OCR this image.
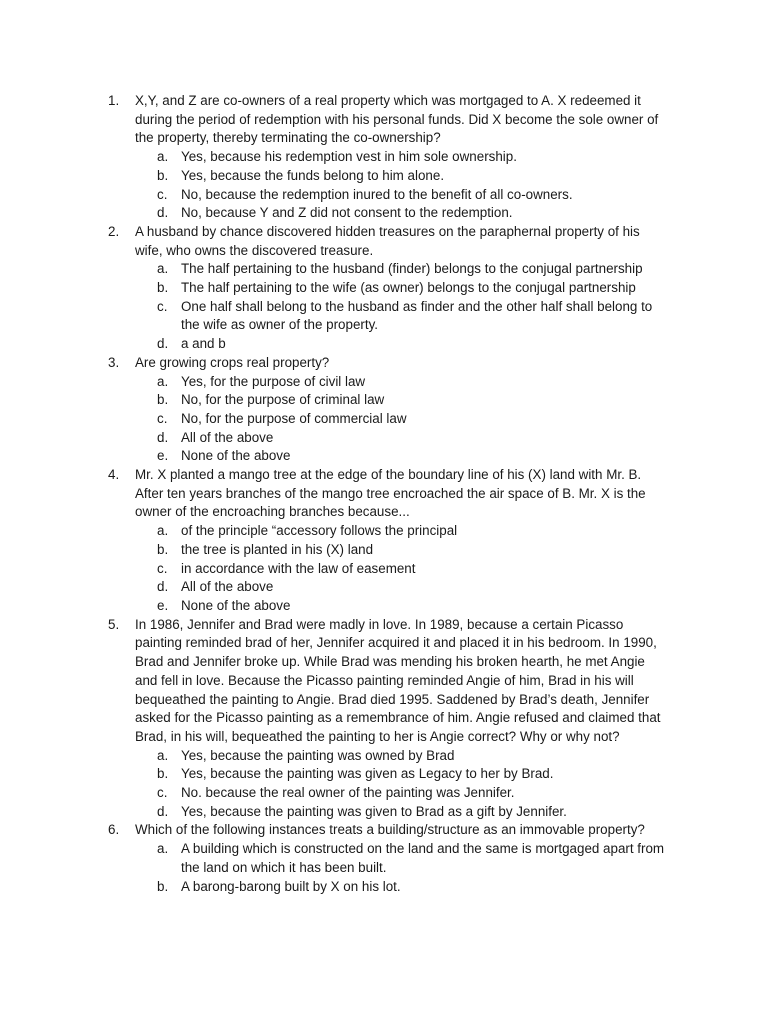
1.	X,Y, and Z are co-owners of a real property which was mortgaged to A. X redeemed it during the period of redemption with his personal funds. Did X become the sole owner of the property, thereby terminating the co-ownership?
a. Yes, because his redemption vest in him sole ownership.
b. Yes, because the funds belong to him alone.
c.	No, because the redemption inured to the benefit of all co-owners.
d. No, because Y and Z did not consent to the redemption.
2.	A husband by chance discovered hidden treasures on the paraphernal property of his wife, who owns the discovered treasure.
a. The half pertaining to the husband (finder) belongs to the conjugal partnership
b. The half pertaining to the wife (as owner) belongs to the conjugal partnership
c.	One half shall belong to the husband as finder and the other half shall belong to the wife as owner of the property.
d. a and b
3.	Are growing crops real property?
a. Yes, for the purpose of civil law
b. No, for the purpose of criminal law
c.	No, for the purpose of commercial law
d. All of the above
e. None of the above
4.	Mr. X planted a mango tree at the edge of the boundary line of his (X) land with Mr. B. After ten years branches of the mango tree encroached the air space of B. Mr. X is the owner of the encroaching branches because...
a. of the principle “accessory follows the principal
b. the tree is planted in his (X) land
c.	in accordance with the law of easement
d. All of the above
e. None of the above
5.	In 1986, Jennifer and Brad were madly in love. In 1989, because a certain Picasso painting reminded brad of her, Jennifer acquired it and placed it in his bedroom. In 1990, Brad and Jennifer broke up. While Brad was mending his broken hearth, he met Angie and fell in love. Because the Picasso painting reminded Angie of him, Brad in his will bequeathed the painting to Angie. Brad died 1995. Saddened by Brad’s death, Jennifer asked for the Picasso painting as a remembrance of him. Angie refused and claimed that Brad, in his will, bequeathed the painting to her is Angie correct? Why or why not?
a. Yes, because the painting was owned by Brad
b. Yes, because the painting was given as Legacy to her by Brad.
c.	No. because the real owner of the painting was Jennifer.
d. Yes, because the painting was given to Brad as a gift by Jennifer.
6.	Which of the following instances treats a building/structure as an immovable property?
a. A building which is constructed on the land and the same is mortgaged apart from the land on which it has been built.
b. A barong-barong built by X on his lot.
